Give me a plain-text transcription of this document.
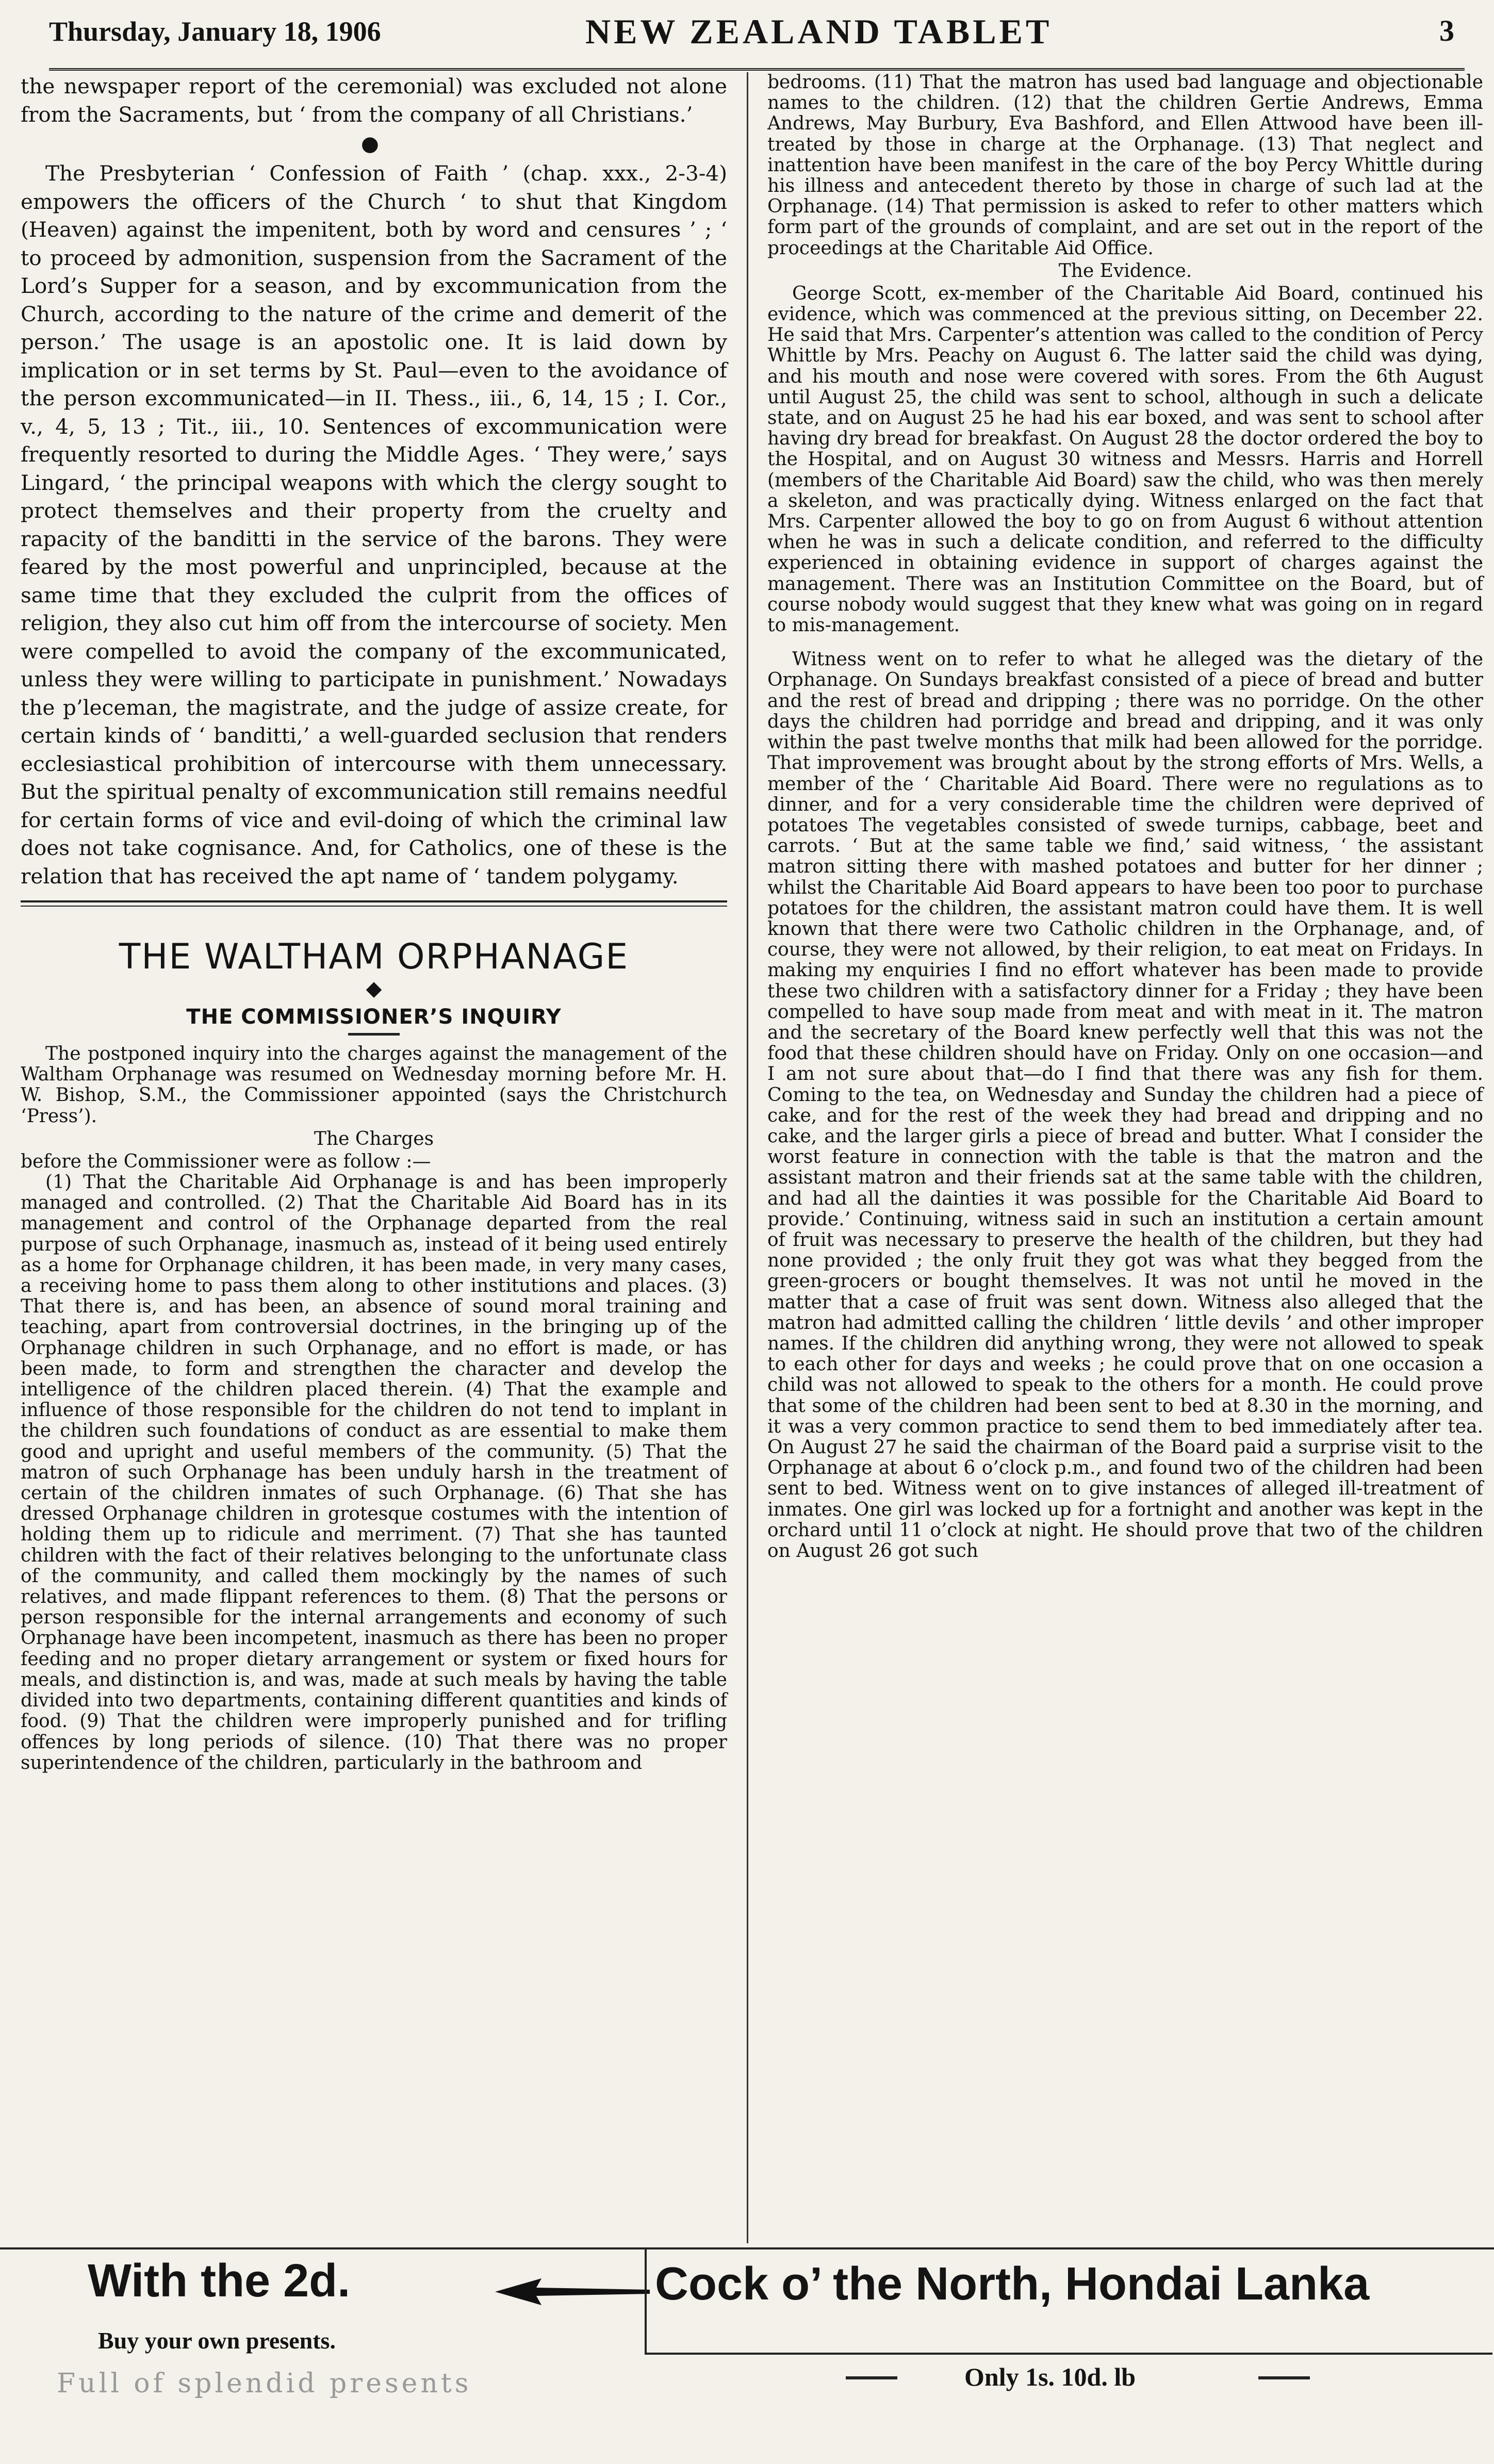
Thursday, January 18, 1906	NEW ZEALAND TABLET	3

the newspaper report of the ceremonial) was excluded not alone from the Sacraments, but ‘ from the company of all Christians.’

●

The Presbyterian ‘ Confession of Faith ’ (chap. xxx., 2-3-4) empowers the officers of the Church ‘ to shut that Kingdom (Heaven) against the impenitent, both by word and censures ’ ; ‘ to proceed by admonition, suspension from the Sacrament of the Lord’s Supper for a season, and by excommunication from the Church, according to the nature of the crime and demerit of the person.’ The usage is an apostolic one. It is laid down by implication or in set terms by St. Paul—even to the avoidance of the person excommunicated—in II. Thess., iii., 6, 14, 15 ; I. Cor., v., 4, 5, 13 ; Tit., iii., 10. Sentences of excommunication were frequently resorted to during the Middle Ages. ‘ They were,’ says Lingard, ‘ the principal weapons with which the clergy sought to protect themselves and their property from the cruelty and rapacity of the banditti in the service of the barons. They were feared by the most powerful and unprincipled, because at the same time that they excluded the culprit from the offices of religion, they also cut him off from the intercourse of society. Men were compelled to avoid the company of the excommunicated, unless they were willing to participate in punishment.’ Nowadays the p’leceman, the magistrate, and the judge of assize create, for certain kinds of ‘ banditti,’ a well-guarded seclusion that renders ecclesiastical prohibition of intercourse with them unnecessary. But the spiritual penalty of excommunication still remains needful for certain forms of vice and evil-doing of which the criminal law does not take cognisance. And, for Catholics, one of these is the relation that has received the apt name of ‘ tandem polygamy.

THE WALTHAM ORPHANAGE
◆
THE COMMISSIONER’S INQUIRY

The postponed inquiry into the charges against the management of the Waltham Orphanage was resumed on Wednesday morning before Mr. H. W. Bishop, S.M., the Commissioner appointed (says the Christchurch ‘Press’).

The Charges

before the Commissioner were as follow :—

(1) That the Charitable Aid Orphanage is and has been improperly managed and controlled. (2) That the Charitable Aid Board has in its management and control of the Orphanage departed from the real purpose of such Orphanage, inasmuch as, instead of it being used entirely as a home for Orphanage children, it has been made, in very many cases, a receiving home to pass them along to other institutions and places. (3) That there is, and has been, an absence of sound moral training and teaching, apart from controversial doctrines, in the bringing up of the Orphanage children in such Orphanage, and no effort is made, or has been made, to form and strengthen the character and develop the intelligence of the children placed therein. (4) That the example and influence of those responsible for the children do not tend to implant in the children such foundations of conduct as are essential to make them good and upright and useful members of the community. (5) That the matron of such Orphanage has been unduly harsh in the treatment of certain of the children inmates of such Orphanage. (6) That she has dressed Orphanage children in grotesque costumes with the intention of holding them up to ridicule and merriment. (7) That she has taunted children with the fact of their relatives belonging to the unfortunate class of the community, and called them mockingly by the names of such relatives, and made flippant references to them. (8) That the persons or person responsible for the internal arrangements and economy of such Orphanage have been incompetent, inasmuch as there has been no proper feeding and no proper dietary arrangement or system or fixed hours for meals, and distinction is, and was, made at such meals by having the table divided into two departments, containing different quantities and kinds of food. (9) That the children were improperly punished and for trifling offences by long periods of silence. (10) That there was no proper superintendence of the children, particularly in the bathroom and

bedrooms. (11) That the matron has used bad language and objectionable names to the children. (12) that the children Gertie Andrews, Emma Andrews, May Burbury, Eva Bashford, and Ellen Attwood have been ill-treated by those in charge at the Orphanage. (13) That neglect and inattention have been manifest in the care of the boy Percy Whittle during his illness and antecedent thereto by those in charge of such lad at the Orphanage. (14) That permission is asked to refer to other matters which form part of the grounds of complaint, and are set out in the report of the proceedings at the Charitable Aid Office.

The Evidence.

George Scott, ex-member of the Charitable Aid Board, continued his evidence, which was commenced at the previous sitting, on December 22. He said that Mrs. Carpenter’s attention was called to the condition of Percy Whittle by Mrs. Peachy on August 6. The latter said the child was dying, and his mouth and nose were covered with sores. From the 6th August until August 25, the child was sent to school, although in such a delicate state, and on August 25 he had his ear boxed, and was sent to school after having dry bread for breakfast. On August 28 the doctor ordered the boy to the Hospital, and on August 30 witness and Messrs. Harris and Horrell (members of the Charitable Aid Board) saw the child, who was then merely a skeleton, and was practically dying. Witness enlarged on the fact that Mrs. Carpenter allowed the boy to go on from August 6 without attention when he was in such a delicate condition, and referred to the difficulty experienced in obtaining evidence in support of charges against the management. There was an Institution Committee on the Board, but of course nobody would suggest that they knew what was going on in regard to mis-management.

Witness went on to refer to what he alleged was the dietary of the Orphanage. On Sundays breakfast consisted of a piece of bread and butter and the rest of bread and dripping ; there was no porridge. On the other days the children had porridge and bread and dripping, and it was only within the past twelve months that milk had been allowed for the porridge. That improvement was brought about by the strong efforts of Mrs. Wells, a member of the ‘ Charitable Aid Board. There were no regulations as to dinner, and for a very considerable time the children were deprived of potatoes The vegetables consisted of swede turnips, cabbage, beet and carrots. ‘ But at the same table we find,’ said witness, ‘ the assistant matron sitting there with mashed potatoes and butter for her dinner ; whilst the Charitable Aid Board appears to have been too poor to purchase potatoes for the children, the assistant matron could have them. It is well known that there were two Catholic children in the Orphanage, and, of course, they were not allowed, by their religion, to eat meat on Fridays. In making my enquiries I find no effort whatever has been made to provide these two children with a satisfactory dinner for a Friday ; they have been compelled to have soup made from meat and with meat in it. The matron and the secretary of the Board knew perfectly well that this was not the food that these children should have on Friday. Only on one occasion—and I am not sure about that—do I find that there was any fish for them. Coming to the tea, on Wednesday and Sunday the children had a piece of cake, and for the rest of the week they had bread and dripping and no cake, and the larger girls a piece of bread and butter. What I consider the worst feature in connection with the table is that the matron and the assistant matron and their friends sat at the same table with the children, and had all the dainties it was possible for the Charitable Aid Board to provide.’ Continuing, witness said in such an institution a certain amount of fruit was necessary to preserve the health of the children, but they had none provided ; the only fruit they got was what they begged from the green-grocers or bought themselves. It was not until he moved in the matter that a case of fruit was sent down. Witness also alleged that the matron had admitted calling the children ‘ little devils ’ and other improper names. If the children did anything wrong, they were not allowed to speak to each other for days and weeks ; he could prove that on one occasion a child was not allowed to speak to the others for a month. He could prove that some of the children had been sent to bed at 8.30 in the morning, and it was a very common practice to send them to bed immediately after tea. On August 27 he said the chairman of the Board paid a surprise visit to the Orphanage at about 6 o’clock p.m., and found two of the children had been sent to bed. Witness went on to give instances of alleged ill-treatment of inmates. One girl was locked up for a fortnight and another was kept in the orchard until 11 o’clock at night. He should prove that two of the children on August 26 got such

With the 2d.
Buy your own presents.
Full of splendid presents
Cock o’ the North, Hondai Lanka
Only 1s. 10d. lb
